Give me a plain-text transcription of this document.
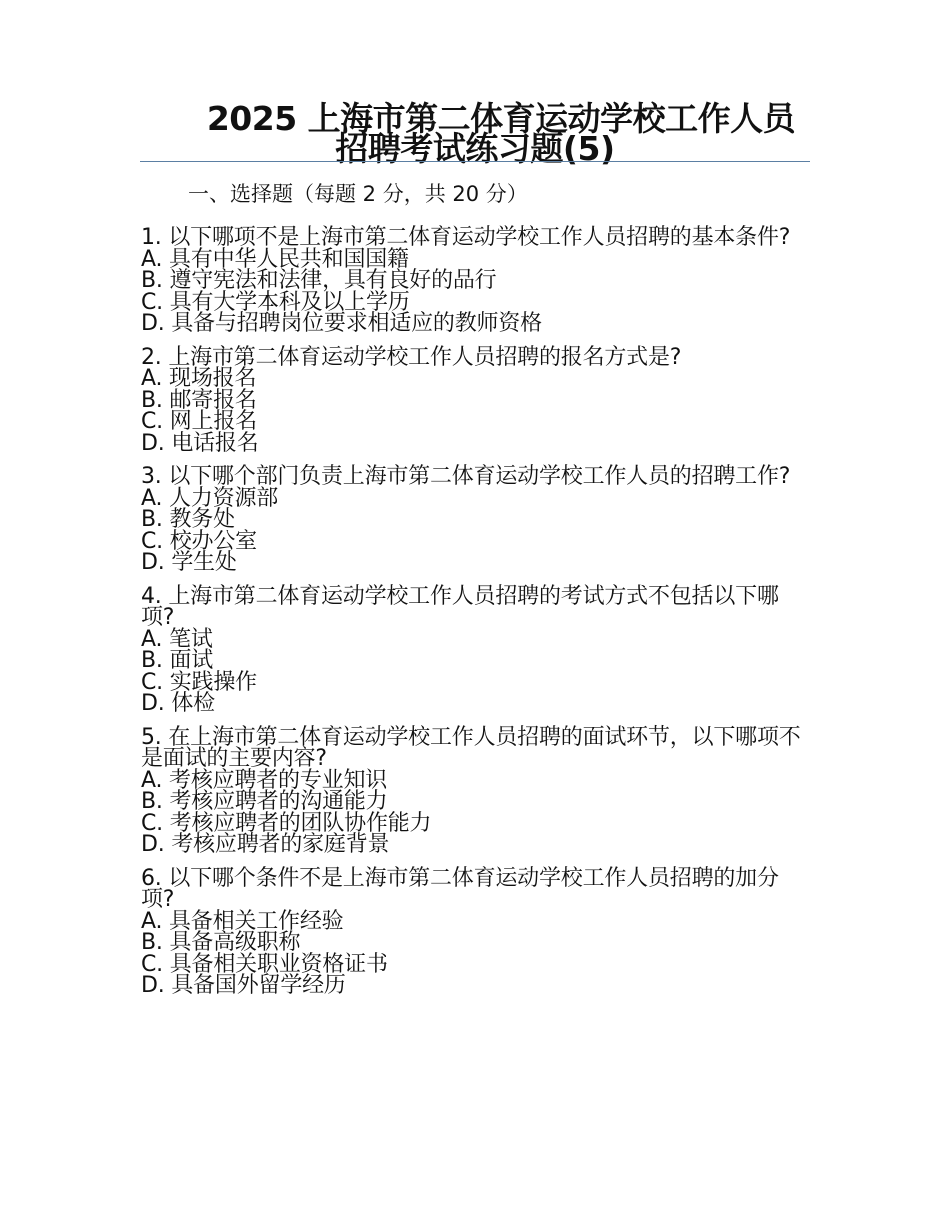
2025 上海市第二体育运动学校工作人员
招聘考试练习题(5)
一、选择题（每题 2 分，共 20 分）
1. 以下哪项不是上海市第二体育运动学校工作人员招聘的基本条件?
A. 具有中华人民共和国国籍
B. 遵守宪法和法律，具有良好的品行
C. 具有大学本科及以上学历
D. 具备与招聘岗位要求相适应的教师资格
2. 上海市第二体育运动学校工作人员招聘的报名方式是?
A. 现场报名
B. 邮寄报名
C. 网上报名
D. 电话报名
3. 以下哪个部门负责上海市第二体育运动学校工作人员的招聘工作?
A. 人力资源部
B. 教务处
C. 校办公室
D. 学生处
4. 上海市第二体育运动学校工作人员招聘的考试方式不包括以下哪项?
A. 笔试
B. 面试
C. 实践操作
D. 体检
5. 在上海市第二体育运动学校工作人员招聘的面试环节，以下哪项不是面试的主要内容?
A. 考核应聘者的专业知识
B. 考核应聘者的沟通能力
C. 考核应聘者的团队协作能力
D. 考核应聘者的家庭背景
6. 以下哪个条件不是上海市第二体育运动学校工作人员招聘的加分项?
A. 具备相关工作经验
B. 具备高级职称
C. 具备相关职业资格证书
D. 具备国外留学经历
